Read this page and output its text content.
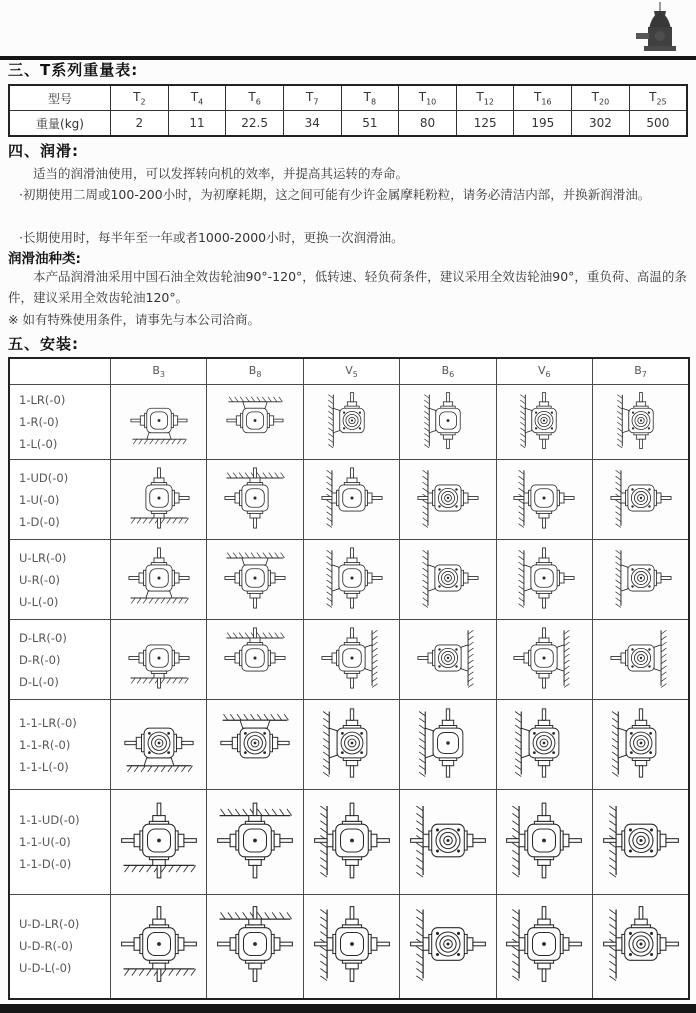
三、T系列重量表:
型号	$T_2$	$T_4$	$T_6$	$T_7$	$T_8$	$T_{10}$	$T_{12}$	$T_{16}$	$T_{20}$	$T_{25}$
重量(kg)	2	11	22.5	34	51	80	125	195	302	500
四、润滑:

适当的润滑油使用，可以发挥转向机的效率，并提高其运转的寿命。

·初期使用二周或100-200小时，为初摩耗期，这之间可能有少许金属摩耗粉粒，请务必清洁内部，并换新润滑油。

·长期使用时，每半年至一年或者1000-2000小时，更换一次润滑油。

润滑油种类:

本产品润滑油采用中国石油全效齿轮油90°-120°，低转速、轻负荷条件，建议采用全效齿轮油90°，重负荷、高温的条件，建议采用全效齿轮油120°。

※ 如有特殊使用条件，请事先与本公司洽商。

五、安装:
	$B_3$	$B_8$	$V_5$	$B_6$	$V_6$	$B_7$

1-LR(-0)
1-R(-0)
1-L(-0)

1-UD(-0)
1-U(-0)
1-D(-0)

U-LR(-0)
U-R(-0)
U-L(-0)

D-LR(-0)
D-R(-0)
D-L(-0)

1-1-LR(-0)
1-1-R(-0)
1-1-L(-0)

1-1-UD(-0)
1-1-U(-0)
1-1-D(-0)

U-D-LR(-0)
U-D-R(-0)
U-D-L(-0)
